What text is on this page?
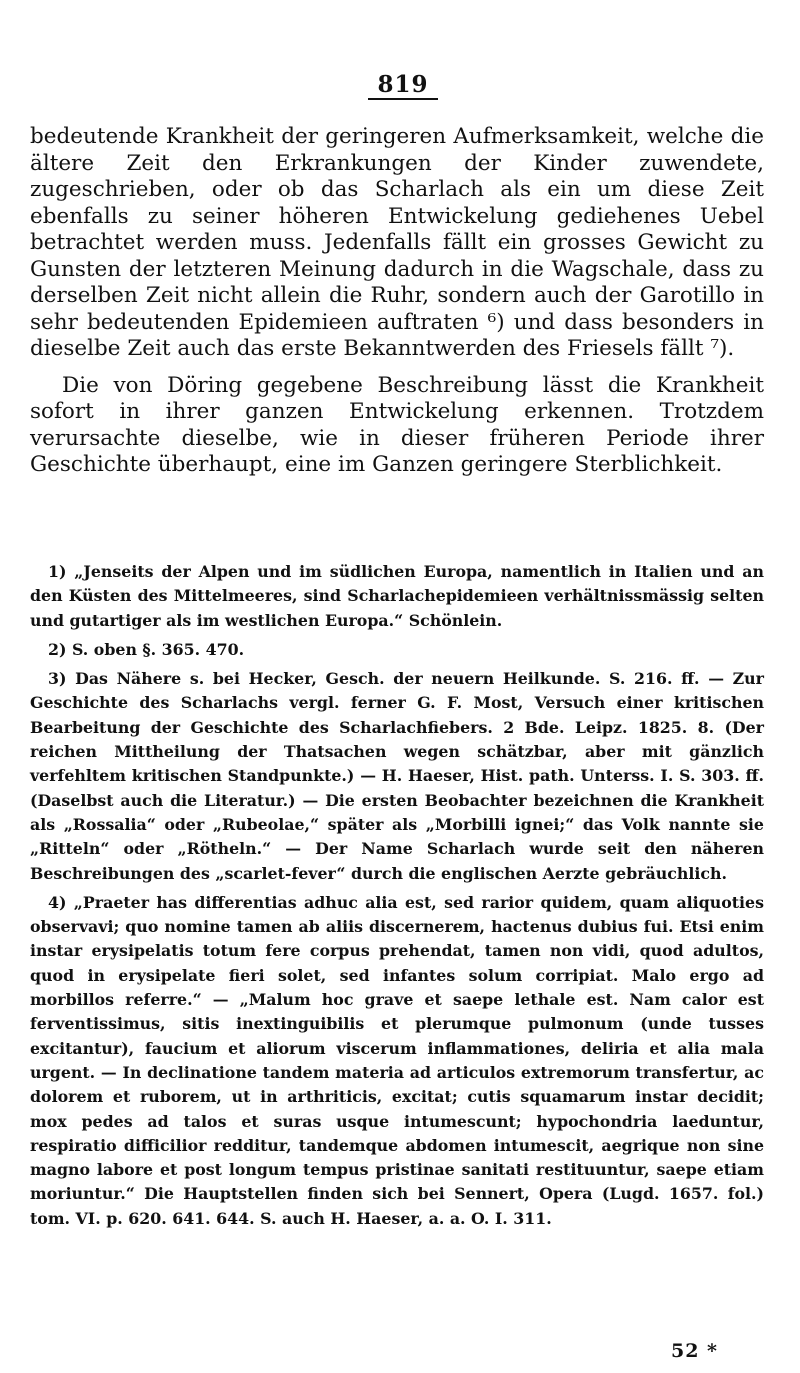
819

bedeutende Krankheit der geringeren Aufmerksamkeit, welche die ältere Zeit den Erkrankungen der Kinder zuwendete, zugeschrieben, oder ob das Scharlach als ein um diese Zeit ebenfalls zu seiner höheren Entwickelung gediehenes Uebel betrachtet werden muss. Jedenfalls fällt ein grosses Gewicht zu Gunsten der letzteren Meinung dadurch in die Wagschale, dass zu derselben Zeit nicht allein die Ruhr, sondern auch der Garotillo in sehr bedeutenden Epidemieen auftraten ⁶) und dass besonders in dieselbe Zeit auch das erste Bekanntwerden des Friesels fällt ⁷).

Die von Döring gegebene Beschreibung lässt die Krankheit sofort in ihrer ganzen Entwickelung erkennen. Trotzdem verursachte dieselbe, wie in dieser früheren Periode ihrer Geschichte überhaupt, eine im Ganzen geringere Sterblichkeit.

1) „Jenseits der Alpen und im südlichen Europa, namentlich in Italien und an den Küsten des Mittelmeeres, sind Scharlachepidemieen verhältnissmässig selten und gutartiger als im westlichen Europa.“ Schönlein.

2) S. oben §. 365. 470.

3) Das Nähere s. bei Hecker, Gesch. der neuern Heilkunde. S. 216. ff. — Zur Geschichte des Scharlachs vergl. ferner G. F. Most, Versuch einer kritischen Bearbeitung der Geschichte des Scharlachfiebers. 2 Bde. Leipz. 1825. 8. (Der reichen Mittheilung der Thatsachen wegen schätzbar, aber mit gänzlich verfehltem kritischen Standpunkte.) — H. Haeser, Hist. path. Unterss. I. S. 303. ff. (Daselbst auch die Literatur.) — Die ersten Beobachter bezeichnen die Krankheit als „Rossalia“ oder „Rubeolae,“ später als „Morbilli ignei;“ das Volk nannte sie „Ritteln“ oder „Rötheln.“ — Der Name Scharlach wurde seit den näheren Beschreibungen des „scarlet-fever“ durch die englischen Aerzte gebräuchlich.

4) „Praeter has differentias adhuc alia est, sed rarior quidem, quam aliquoties observavi; quo nomine tamen ab aliis discernerem, hactenus dubius fui. Etsi enim instar erysipelatis totum fere corpus prehendat, tamen non vidi, quod adultos, quod in erysipelate fieri solet, sed infantes solum corripiat. Malo ergo ad morbillos referre.“ — „Malum hoc grave et saepe lethale est. Nam calor est ferventissimus, sitis inextinguibilis et plerumque pulmonum (unde tusses excitantur), faucium et aliorum viscerum inflammationes, deliria et alia mala urgent. — In declinatione tandem materia ad articulos extremorum transfertur, ac dolorem et ruborem, ut in arthriticis, excitat; cutis squamarum instar decidit; mox pedes ad talos et suras usque intumescunt; hypochondria laeduntur, respiratio difficilior redditur, tandemque abdomen intumescit, aegrique non sine magno labore et post longum tempus pristinae sanitati restituuntur, saepe etiam moriuntur.“ Die Hauptstellen finden sich bei Sennert, Opera (Lugd. 1657. fol.) tom. VI. p. 620. 641. 644. S. auch H. Haeser, a. a. O. I. 311.

52 *
